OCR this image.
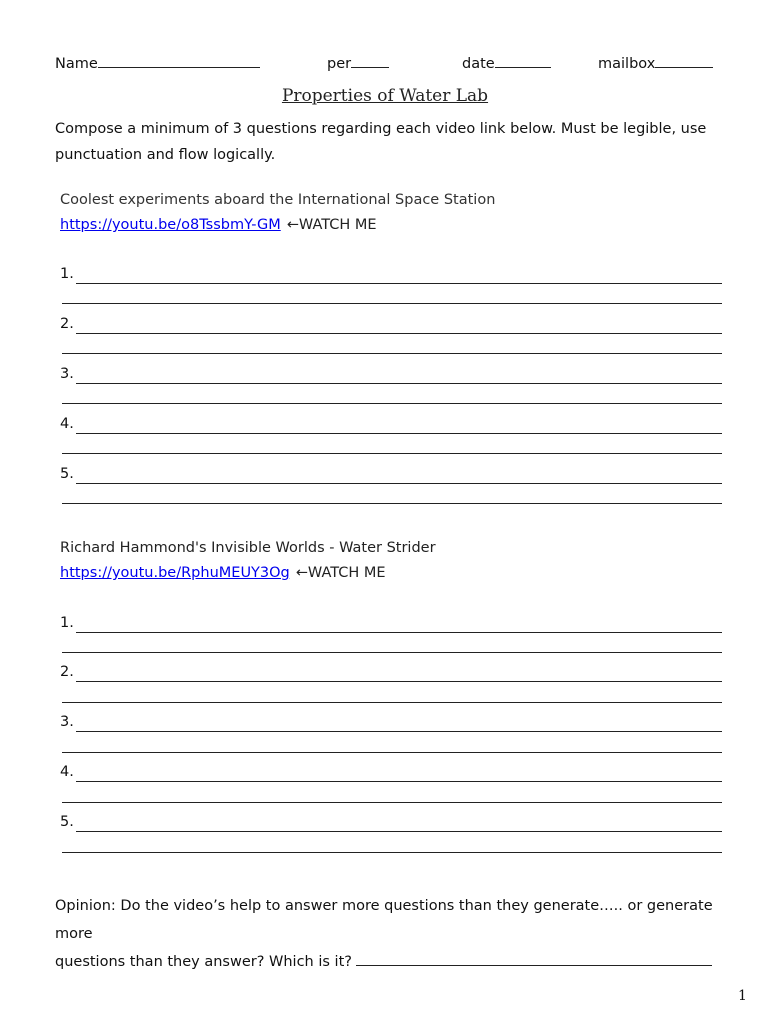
Name	per	date	mailbox
Properties of Water Lab
Compose a minimum of 3 questions regarding each video link below. Must be legible, use punctuation and flow logically.
Coolest experiments aboard the International Space Station
https://youtu.be/o8TssbmY-GM ←WATCH ME
1.
2.
3.
4.
5.
Richard Hammond's Invisible Worlds - Water Strider
https://youtu.be/RphuMEUY3Og ←WATCH ME
1.
2.
3.
4.
5.
Opinion: Do the video’s help to answer more questions than they generate….. or generate more
questions than they answer? Which is it?
1
